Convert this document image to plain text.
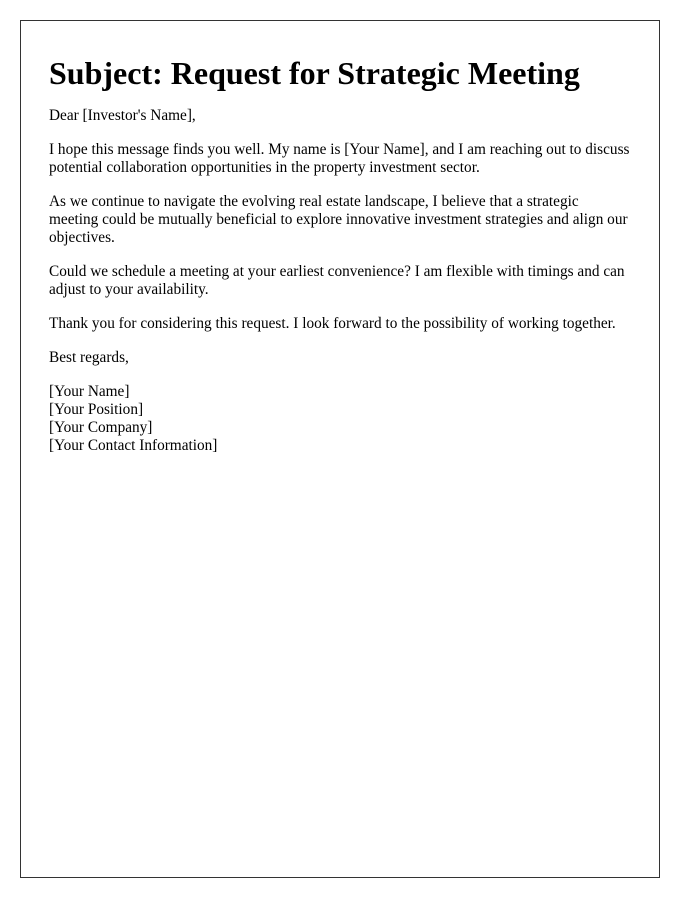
Subject: Request for Strategic Meeting

Dear [Investor's Name],

I hope this message finds you well. My name is [Your Name], and I am reaching out to discuss potential collaboration opportunities in the property investment sector.

As we continue to navigate the evolving real estate landscape, I believe that a strategic meeting could be mutually beneficial to explore innovative investment strategies and align our objectives.

Could we schedule a meeting at your earliest convenience? I am flexible with timings and can adjust to your availability.

Thank you for considering this request. I look forward to the possibility of working together.

Best regards,

[Your Name]

[Your Position]

[Your Company]

[Your Contact Information]
